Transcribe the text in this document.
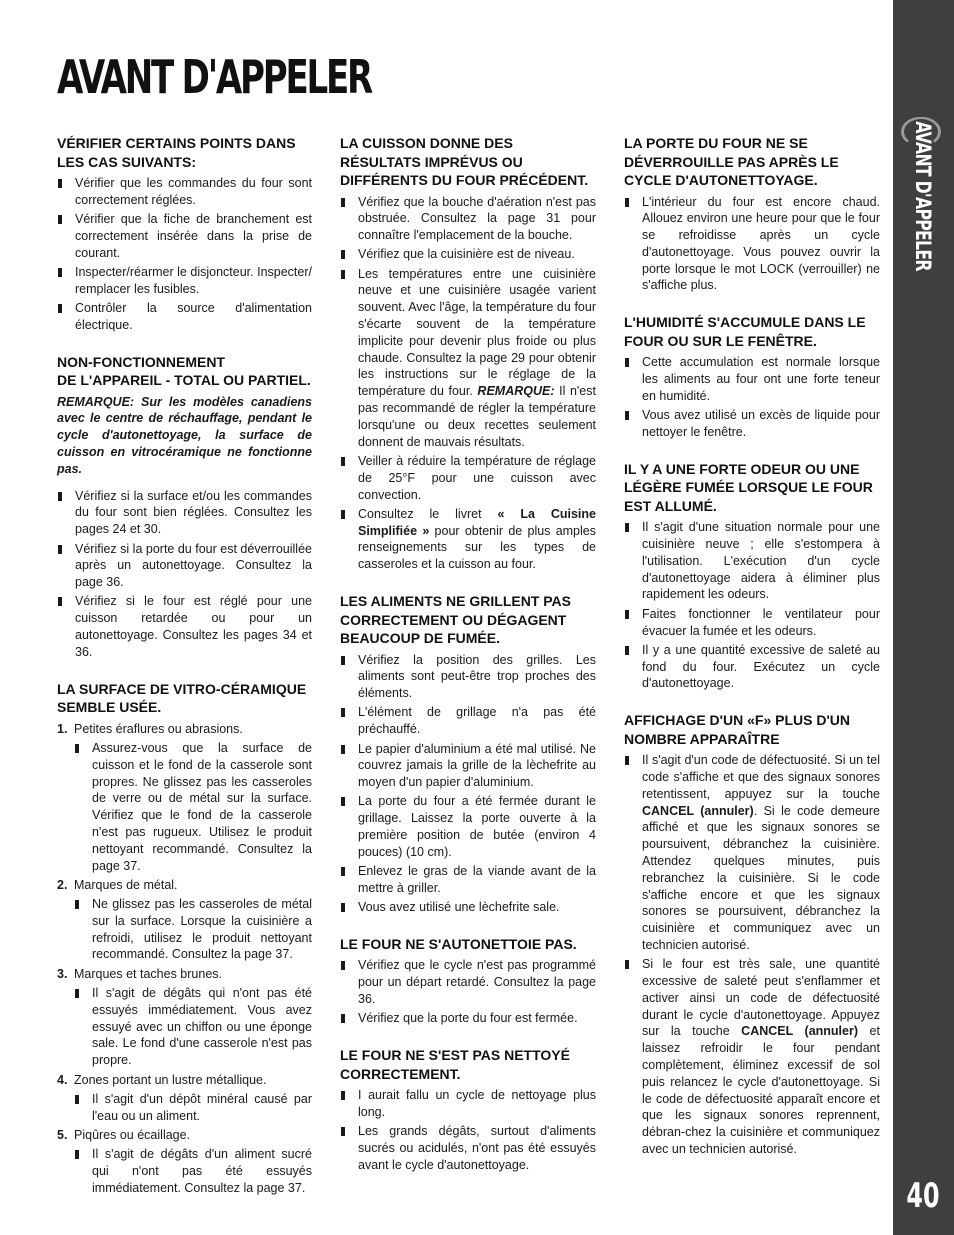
AVANT D'APPELER
AVANT D'APPELER
40
VÉRIFIER CERTAINS POINTS DANS LES CAS SUIVANTS:
Vérifier que les commandes du four sont correctement réglées.
Vérifier que la fiche de branchement est correctement insérée dans la prise de courant.
Inspecter/réarmer le disjoncteur. Inspecter/ remplacer les fusibles.
Contrôler la source d'alimentation électrique.
NON-FONCTIONNEMENT
DE L'APPAREIL - TOTAL OU PARTIEL.

REMARQUE: Sur les modèles canadiens avec le centre de réchauffage, pendant le cycle d'autonettoyage, la surface de cuisson en vitrocéramique ne fonctionne pas.

Vérifiez si la surface et/ou les commandes du four sont bien réglées. Consultez les pages 24 et 30.
Vérifiez si la porte du four est déverrouillée après un autonettoyage. Consultez la page 36.
Vérifiez si le four est réglé pour une cuisson retardée ou pour un autonettoyage. Consultez les pages 34 et 36.
LA SURFACE DE VITRO-CÉRAMIQUE SEMBLE USÉE.
1. Petites éraflures ou abrasions.
Assurez-vous que la surface de cuisson et le fond de la casserole sont propres. Ne glissez pas les casseroles de verre ou de métal sur la surface. Vérifiez que le fond de la casserole n'est pas rugueux. Utilisez le produit nettoyant recommandé. Consultez la page 37.
2. Marques de métal.
Ne glissez pas les casseroles de métal sur la surface. Lorsque la cuisinière a refroidi, utilisez le produit nettoyant recommandé. Consultez la page 37.
3. Marques et taches brunes.
Il s'agit de dégâts qui n'ont pas été essuyés immédiatement. Vous avez essuyé avec un chiffon ou une éponge sale. Le fond d'une casserole n'est pas propre.
4. Zones portant un lustre métallique.
Il s'agit d'un dépôt minéral causé par l'eau ou un aliment.
5. Piqûres ou écaillage.
Il s'agit de dégâts d'un aliment sucré qui n'ont pas été essuyés immédiatement. Consultez la page 37.
LA CUISSON DONNE DES RÉSULTATS IMPRÉVUS OU DIFFÉRENTS DU FOUR PRÉCÉDENT.
Vérifiez que la bouche d'aération n'est pas obstruée. Consultez la page 31 pour connaître l'emplacement de la bouche.
Vérifiez que la cuisinière est de niveau.
Les températures entre une cuisinière neuve et une cuisinière usagée varient souvent. Avec l'âge, la température du four s'écarte souvent de la température implicite pour devenir plus froide ou plus chaude. Consultez la page 29 pour obtenir les instructions sur le réglage de la température du four. REMARQUE: Il n'est pas recommandé de régler la température lorsqu'une ou deux recettes seulement donnent de mauvais résultats.
Veiller à réduire la température de réglage de 25°F pour une cuisson avec convection.
Consultez le livret « La Cuisine Simplifiée » pour obtenir de plus amples renseignements sur les types de casseroles et la cuisson au four.
LES ALIMENTS NE GRILLENT PAS CORRECTEMENT OU DÉGAGENT BEAUCOUP DE FUMÉE.
Vérifiez la position des grilles. Les aliments sont peut-être trop proches des éléments.
L'élément de grillage n'a pas été préchauffé.
Le papier d'aluminium a été mal utilisé. Ne couvrez jamais la grille de la lèchefrite au moyen d'un papier d'aluminium.
La porte du four a été fermée durant le grillage. Laissez la porte ouverte à la première position de butée (environ 4 pouces) (10 cm).
Enlevez le gras de la viande avant de la mettre à griller.
Vous avez utilisé une lèchefrite sale.
LE FOUR NE S'AUTONETTOIE PAS.
Vérifiez que le cycle n'est pas programmé pour un départ retardé. Consultez la page 36.
Vérifiez que la porte du four est fermée.
LE FOUR NE S'EST PAS NETTOYÉ CORRECTEMENT.
I aurait fallu un cycle de nettoyage plus long.
Les grands dégâts, surtout d'aliments sucrés ou acidulés, n'ont pas été essuyés avant le cycle d'autonettoyage.
LA PORTE DU FOUR NE SE DÉVERROUILLE PAS APRÈS LE CYCLE D'AUTONETTOYAGE.
L'intérieur du four est encore chaud. Allouez environ une heure pour que le four se refroidisse après un cycle d'autonettoyage. Vous pouvez ouvrir la porte lorsque le mot LOCK (verrouiller) ne s'affiche plus.
L'HUMIDITÉ S'ACCUMULE DANS LE FOUR OU SUR LE FENÊTRE.
Cette accumulation est normale lorsque les aliments au four ont une forte teneur en humidité.
Vous avez utilisé un excès de liquide pour nettoyer le fenêtre.
IL Y A UNE FORTE ODEUR OU UNE LÉGÈRE FUMÉE LORSQUE LE FOUR EST ALLUMÉ.
Il s'agit d'une situation normale pour une cuisinière neuve ; elle s'estompera à l'utilisation. L'exécution d'un cycle d'autonettoyage aidera à éliminer plus rapidement les odeurs.
Faites fonctionner le ventilateur pour évacuer la fumée et les odeurs.
Il y a une quantité excessive de saleté au fond du four. Exécutez un cycle d'autonettoyage.
AFFICHAGE D'UN «F» PLUS D'UN NOMBRE APPARAÎTRE
Il s'agit d'un code de défectuosité. Si un tel code s'affiche et que des signaux sonores retentissent, appuyez sur la touche CANCEL (annuler). Si le code demeure affiché et que les signaux sonores se poursuivent, débranchez la cuisinière. Attendez quelques minutes, puis rebranchez la cuisinière. Si le code s'affiche encore et que les signaux sonores se poursuivent, débranchez la cuisinière et communiquez avec un technicien autorisé.
Si le four est très sale, une quantité excessive de saleté peut s'enflammer et activer ainsi un code de défectuosité durant le cycle d'autonettoyage. Appuyez sur la touche CANCEL (annuler) et laissez refroidir le four pendant complètement, éliminez excessif de sol puis relancez le cycle d'autonettoyage. Si le code de défectuosité apparaît encore et que les signaux sonores reprennent, débran-chez la cuisinière et communiquez avec un technicien autorisé.
